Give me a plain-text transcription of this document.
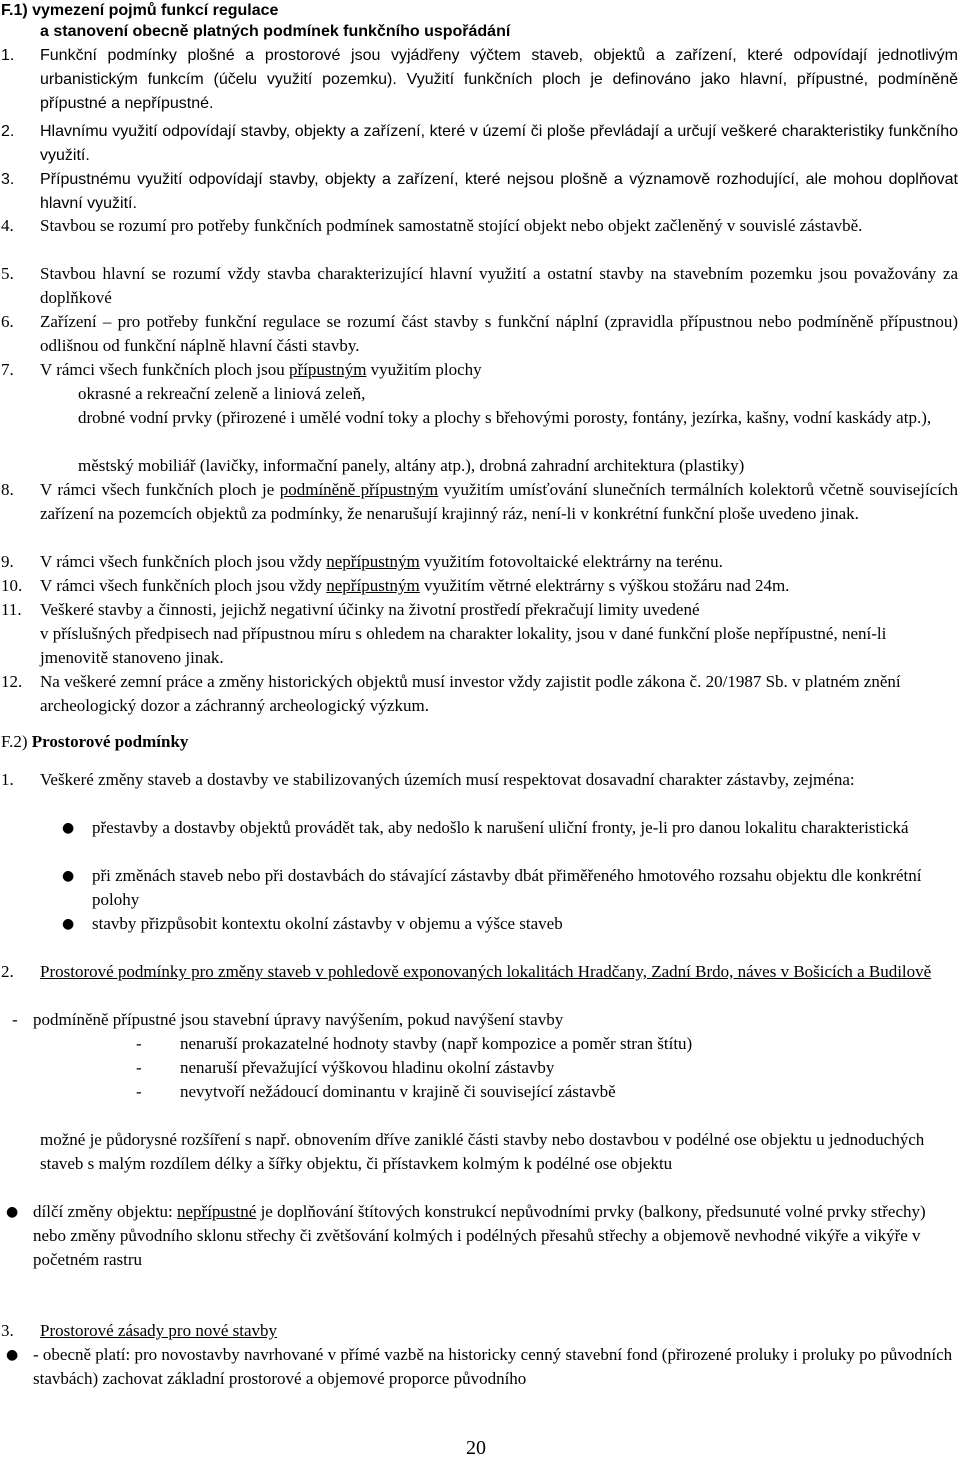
F.1) vymezení pojmů funkcí regulace
a stanovení obecně platných podmínek funkčního uspořádání
1. Funkční podmínky plošné a prostorové jsou vyjádřeny výčtem staveb, objektů a zařízení, které odpovídají jednotlivým urbanistickým funkcím (účelu využití pozemku). Využití funkčních ploch je definováno jako hlavní, přípustné, podmíněně přípustné a nepřípustné.
2. Hlavnímu využití odpovídají stavby, objekty a zařízení, které v území či ploše převládají a určují veškeré charakteristiky funkčního využití.
3. Přípustnému využití odpovídají stavby, objekty a zařízení, které nejsou plošně a významově rozhodující, ale mohou doplňovat hlavní využití.
4. Stavbou se rozumí pro potřeby funkčních podmínek samostatně stojící objekt nebo objekt začleněný v souvislé zástavbě.
5. Stavbou hlavní se rozumí vždy stavba charakterizující hlavní využití a ostatní stavby na stavebním pozemku jsou považovány za doplňkové
6. Zařízení – pro potřeby funkční regulace se rozumí část stavby s funkční náplní (zpravidla přípustnou nebo podmíněně přípustnou) odlišnou od funkční náplně hlavní části stavby.
7. V rámci všech funkčních ploch jsou přípustným využitím plochy
okrasné a rekreační zeleně a liniová zeleň,
drobné vodní prvky (přirozené i umělé vodní toky a plochy s břehovými porosty, fontány, jezírka, kašny, vodní kaskády atp.),
městský mobiliář (lavičky, informační panely, altány atp.), drobná zahradní architektura (plastiky)
8. V rámci všech funkčních ploch je podmíněně přípustným využitím umísťování slunečních termálních kolektorů včetně souvisejících zařízení na pozemcích objektů za podmínky, že nenarušují krajinný ráz, není-li v konkrétní funkční ploše uvedeno jinak.
9. V rámci všech funkčních ploch jsou vždy nepřípustným využitím fotovoltaické elektrárny na terénu.
10. V rámci všech funkčních ploch jsou vždy nepřípustným využitím větrné elektrárny s výškou stožáru nad 24m.
11. Veškeré stavby a činnosti, jejichž negativní účinky na životní prostředí překračují limity uvedené
v příslušných předpisech nad přípustnou míru s ohledem na charakter lokality, jsou v dané funkční ploše nepřípustné, není-li jmenovitě stanoveno jinak.
12. Na veškeré zemní práce a změny historických objektů musí investor vždy zajistit podle zákona č. 20/1987 Sb. v platném znění archeologický dozor a záchranný archeologický výzkum.
F.2) Prostorové podmínky
1. Veškeré změny staveb a dostavby ve stabilizovaných územích musí respektovat dosavadní charakter zástavby, zejména:
● přestavby a dostavby objektů provádět tak, aby nedošlo k narušení uliční fronty, je-li pro danou lokalitu charakteristická
● při změnách staveb nebo při dostavbách do stávající zástavby dbát přiměřeného hmotového rozsahu objektu dle konkrétní polohy
● stavby přizpůsobit kontextu okolní zástavby v objemu a výšce staveb
2. Prostorové podmínky pro změny staveb v pohledově exponovaných lokalitách Hradčany, Zadní Brdo, náves v Bošicích a Budilově
- podmíněně přípustné jsou stavební úpravy navýšením, pokud navýšení stavby
- nenaruší prokazatelné hodnoty stavby (např kompozice a poměr stran štítu)
- nenaruší převažující výškovou hladinu okolní zástavby
- nevytvoří nežádoucí dominantu v krajině či související zástavbě
možné je půdorysné rozšíření s např. obnovením dříve zaniklé části stavby nebo dostavbou v podélné ose objektu u jednoduchých staveb s malým rozdílem délky a šířky objektu, či přístavkem kolmým k podélné ose objektu
● dílčí změny objektu: nepřípustné je doplňování štítových konstrukcí nepůvodními prvky (balkony, předsunuté volné prvky střechy) nebo změny původního sklonu střechy či zvětšování kolmých i podélných přesahů střechy a objemově nevhodné vikýře a vikýře v početném rastru
3. Prostorové zásady pro nové stavby
● - obecně platí: pro novostavby navrhované v přímé vazbě na historicky cenný stavební fond (přirozené proluky i proluky po původních stavbách) zachovat základní prostorové a objemové proporce původního
20
